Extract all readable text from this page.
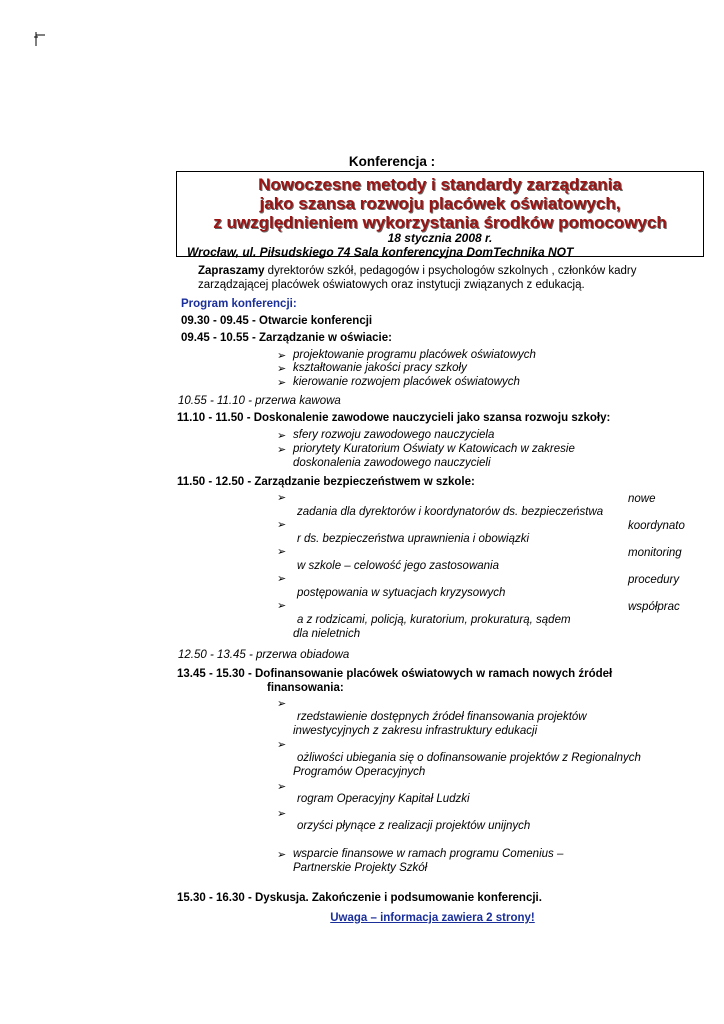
Konferencja :
Nowoczesne metody i standardy zarządzania
jako szansa rozwoju placówek oświatowych,
z uwzględnieniem wykorzystania środków pomocowych
18 stycznia 2008 r.
Wrocław, ul. Piłsudskiego 74 Sala konferencyjna DomTechnika NOT
Zapraszamy dyrektorów szkół, pedagogów i psychologów szkolnych , członków kadry zarządzającej placówek oświatowych oraz instytucji związanych z edukacją.
Program konferencji:
09.30 - 09.45 - Otwarcie konferencji
09.45 - 10.55 - Zarządzanie w oświacie:
➢ projektowanie programu placówek oświatowych
➢ kształtowanie jakości pracy szkoły
➢ kierowanie rozwojem placówek oświatowych
10.55 - 11.10 - przerwa kawowa
11.10 - 11.50 - Doskonalenie zawodowe nauczycieli jako szansa rozwoju szkoły:
➢ sfery rozwoju zawodowego nauczyciela
➢ priorytety Kuratorium Oświaty w Katowicach w zakresie
doskonalenia zawodowego nauczycieli
11.50 - 12.50 - Zarządzanie bezpieczeństwem w szkole:
➢	nowe
zadania dla dyrektorów i koordynatorów ds. bezpieczeństwa
➢	koordynato
r ds. bezpieczeństwa uprawnienia i obowiązki
➢	monitoring
w szkole – celowość jego zastosowania
➢	procedury
postępowania w sytuacjach kryzysowych
➢	współprac
a z rodzicami, policją, kuratorium, prokuraturą, sądem
dla nieletnich
12.50 - 13.45 - przerwa obiadowa
13.45 - 15.30 - Dofinansowanie placówek oświatowych w ramach nowych źródeł
finansowania:
➢
rzedstawienie dostępnych źródeł finansowania projektów
inwestycyjnych z zakresu infrastruktury edukacji
➢
ożliwości ubiegania się o dofinansowanie projektów z Regionalnych
Programów Operacyjnych
➢
rogram Operacyjny Kapitał Ludzki
➢
orzyści płynące z realizacji projektów unijnych
➢ wsparcie finansowe w ramach programu Comenius –
Partnerskie Projekty Szkół
15.30 - 16.30 - Dyskusja. Zakończenie i podsumowanie konferencji.
Uwaga – informacja zawiera 2 strony!
